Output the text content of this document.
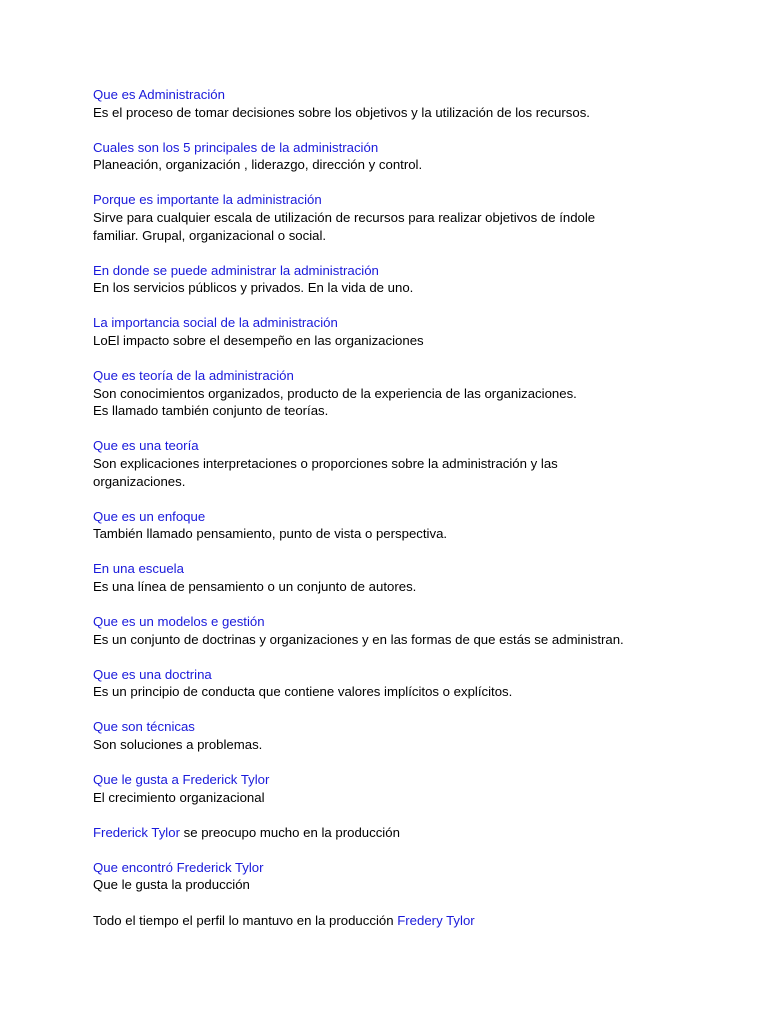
Que es Administración
Es el proceso de tomar decisiones sobre los objetivos y la utilización de los recursos.
Cuales son los 5 principales de la administración
Planeación, organización , liderazgo, dirección y control.
Porque es importante la administración
Sirve para cualquier escala de utilización de recursos para realizar objetivos de índole
familiar. Grupal, organizacional o social.
En donde se puede administrar la administración
En los servicios públicos y privados. En la vida de uno.
La importancia social de la administración
LoEl impacto sobre el desempeño en las organizaciones
Que es teoría de la administración
Son conocimientos organizados, producto de la experiencia de las organizaciones.
Es llamado también conjunto de teorías.
Que es una teoría
Son explicaciones interpretaciones o proporciones sobre la administración y las
organizaciones.
Que es un enfoque
También llamado pensamiento, punto de vista o perspectiva.
En una escuela
Es una línea de pensamiento o un conjunto de autores.
Que es un modelos e gestión
Es un conjunto de doctrinas y organizaciones y en las formas de que estás se administran.
Que es una doctrina
Es un principio de conducta que contiene valores implícitos o explícitos.
Que son técnicas
Son soluciones a problemas.
Que le gusta a Frederick Tylor
El crecimiento organizacional
Frederick Tylor se preocupo mucho en la producción
Que encontró Frederick Tylor
Que le gusta la producción
Todo el tiempo el perfil lo mantuvo en la producción Fredery Tylor
